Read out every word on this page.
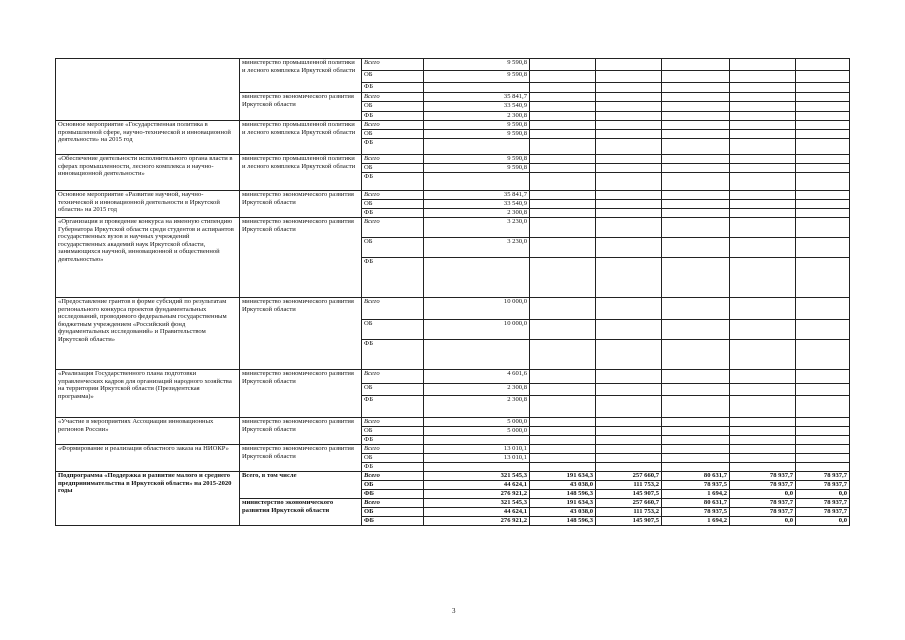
	министерство промышленной политики и лесного комплекса Иркутской области	Всего	9 590,8					
		ОБ	9 590,8					
		ФБ						
	министерство экономического развития Иркутской области	Всего	35 841,7					
		ОБ	33 540,9					
		ФБ	2 300,8					
Основное мероприятие «Государственная политика в промышленной сфере, научно-технической и инновационной деятельности» на 2015 год	министерство промышленной политики и лесного комплекса Иркутской области	Всего	9 590,8					
		ОБ	9 590,8					
		ФБ						
«Обеспечение деятельности исполнительного органа власти в сферах промышленности, лесного комплекса и научно-инновационной деятельности»	министерство промышленной политики и лесного комплекса Иркутской области	Всего	9 590,8					
		ОБ	9 590,8					
		ФБ						
Основное мероприятие «Развитие научной, научно-технической и инновационной деятельности в Иркутской области» на 2015 год	министерство экономического развития Иркутской области	Всего	35 841,7					
		ОБ	33 540,9					
		ФБ	2 300,8					
«Организация и проведение конкурса на именную стипендию Губернатора Иркутской области среди студентов и аспирантов государственных вузов и научных учреждений государственных академий наук Иркутской области, занимающихся научной, инновационной и общественной деятельностью»	министерство экономического развития Иркутской области	Всего	3 230,0					
		ОБ	3 230,0					
		ФБ						
«Предоставление грантов в форме субсидий по результатам регионального конкурса проектов фундаментальных исследований, проводимого федеральным государственным бюджетным учреждением «Российский фонд фундаментальных исследований» и Правительством Иркутской области»	министерство экономического развития Иркутской области	Всего	10 000,0					
		ОБ	10 000,0					
		ФБ						
«Реализация Государственного плана подготовки управленческих кадров для организаций народного хозяйства на территории Иркутской области (Президентская программа)»	министерство экономического развития Иркутской области	Всего	4 601,6					
		ОБ	2 300,8					
		ФБ	2 300,8					
«Участие в мероприятиях Ассоциации инновационных регионов России»	министерство экономического развития Иркутской области	Всего	5 000,0					
		ОБ	5 000,0					
		ФБ						
«Формирование и реализация областного заказа на НИОКР»	министерство экономического развития Иркутской области	Всего	13 010,1					
		ОБ	13 010,1					
		ФБ						
Подпрограмма «Поддержка и развитие малого и среднего предпринимательства в Иркутской области» на 2015-2020 годы	Всего, в том числе	Всего	321 545,3	191 634,3	257 660,7	80 631,7	78 937,7	78 937,7
		ОБ	44 624,1	43 038,0	111 753,2	78 937,5	78 937,7	78 937,7
		ФБ	276 921,2	148 596,3	145 907,5	1 694,2	0,0	0,0
	министерство экономического развития Иркутской области	Всего	321 545,3	191 634,3	257 660,7	80 631,7	78 937,7	78 937,7
		ОБ	44 624,1	43 038,0	111 753,2	78 937,5	78 937,7	78 937,7
		ФБ	276 921,2	148 596,3	145 907,5	1 694,2	0,0	0,0
3
